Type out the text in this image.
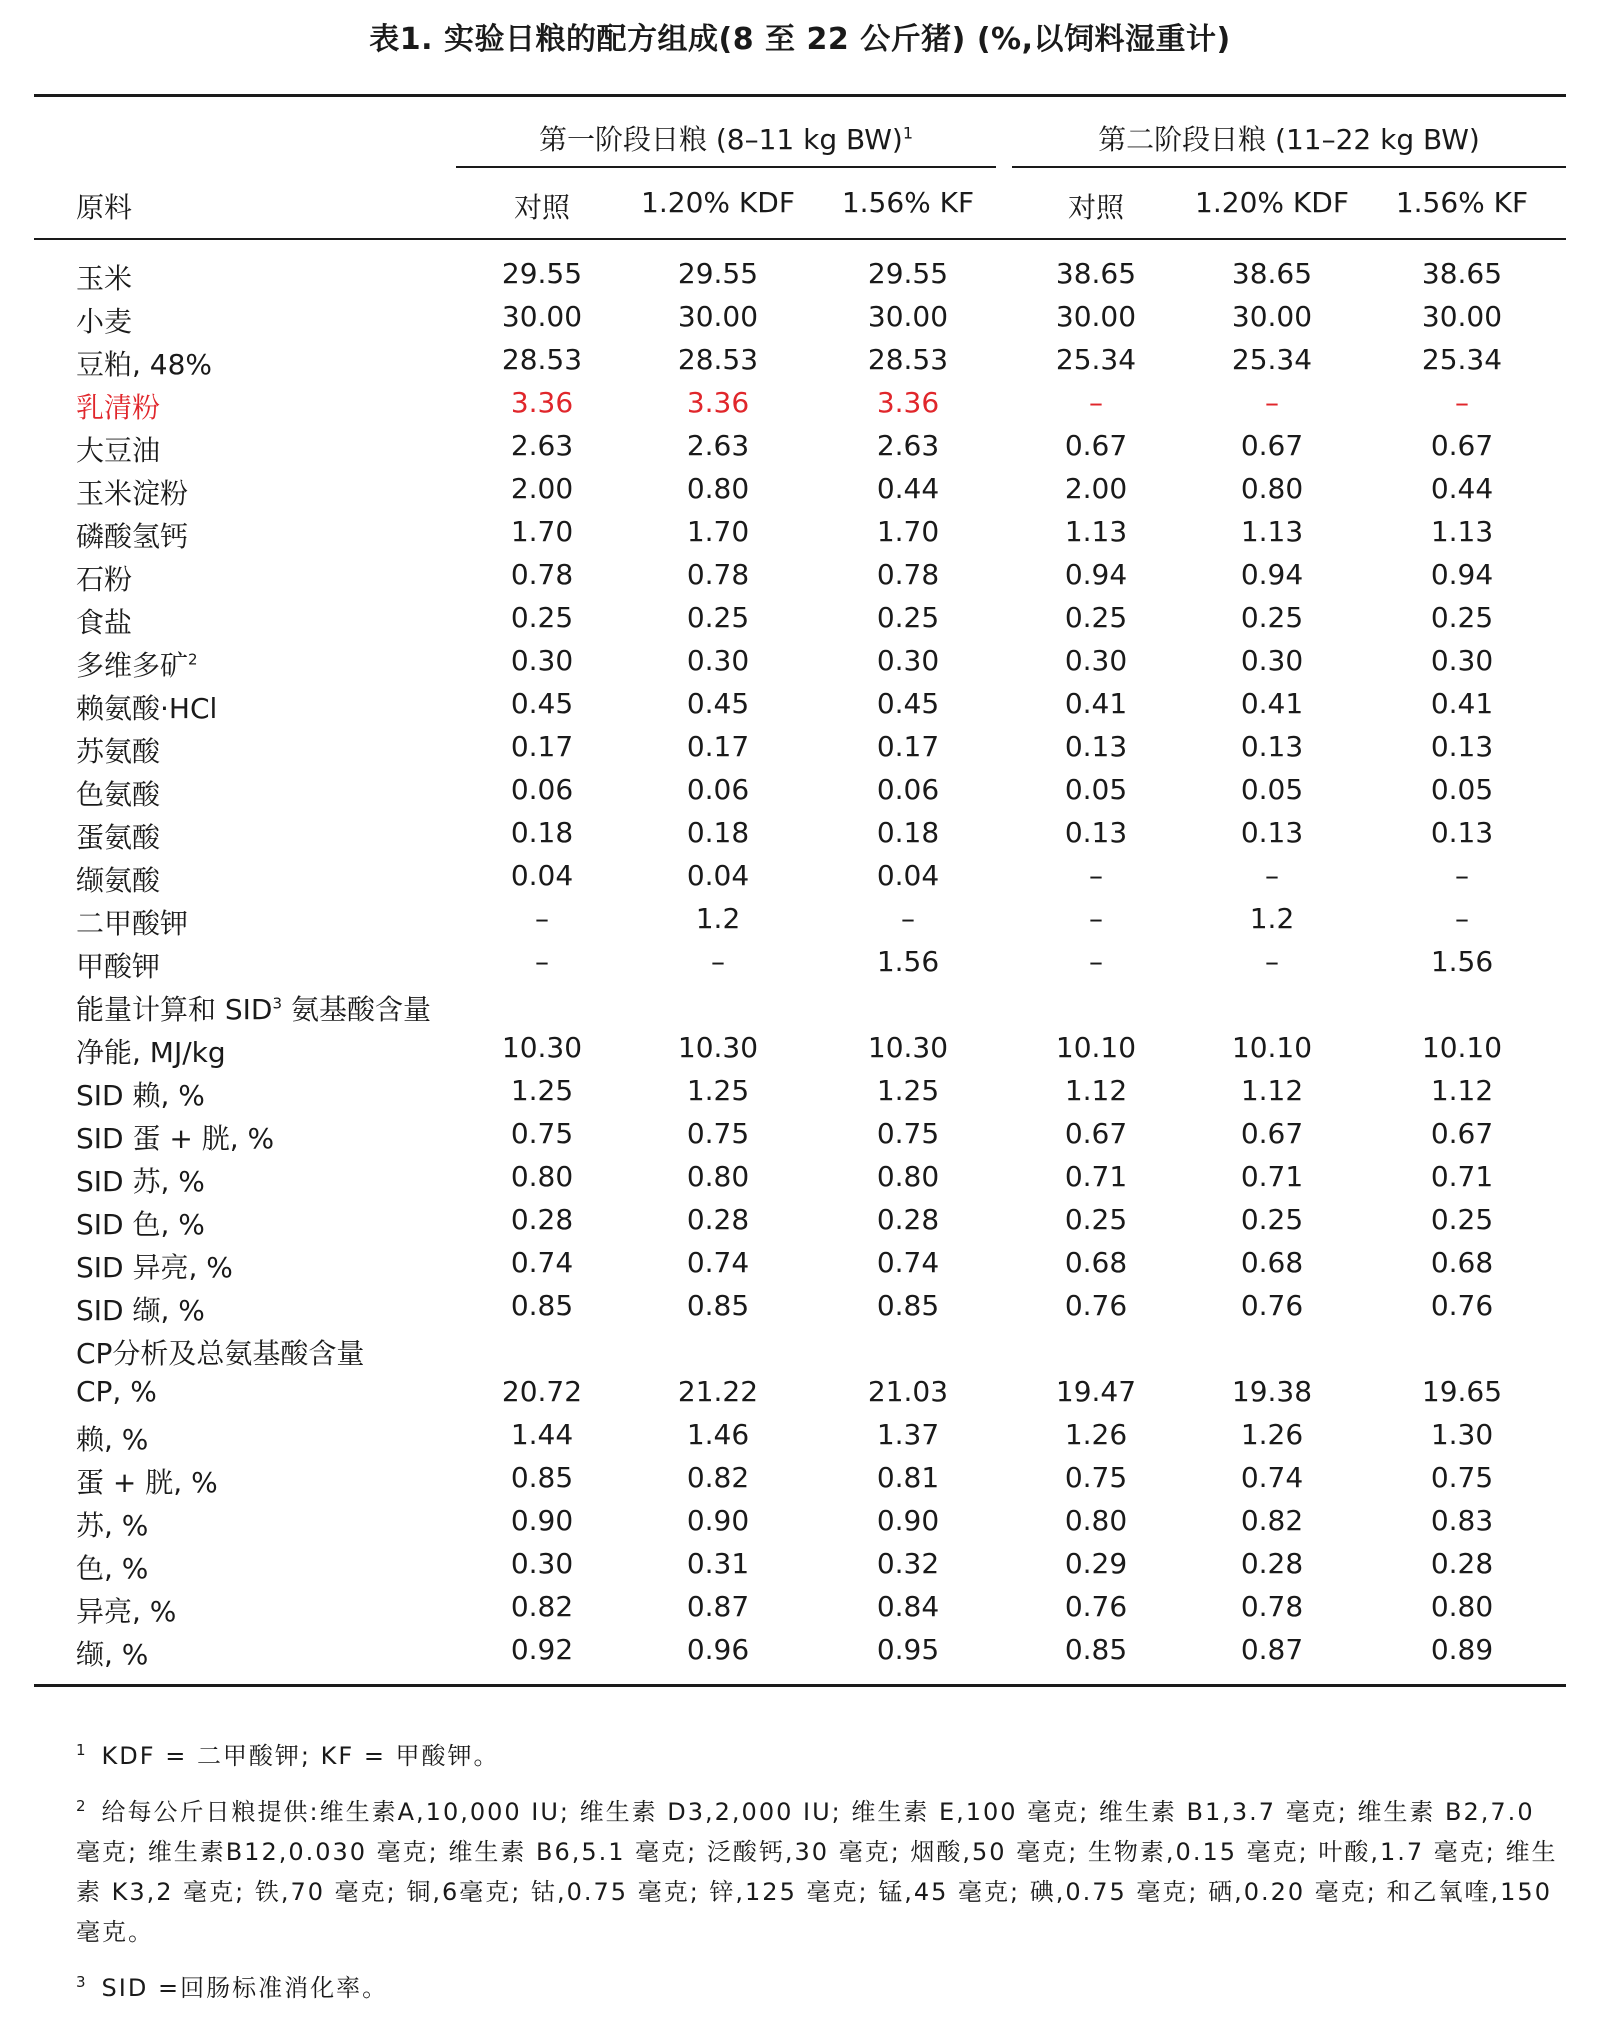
表1. 实验日粮的配方组成(8 至 22 公斤猪) (%,以饲料湿重计)
第一阶段日粮 (8–11 kg BW)$^1$	第二阶段日粮 (11–22 kg BW)
原料	对照	1.20% KDF	1.56% KF	对照	1.20% KDF	1.56% KF
玉米	29.55	29.55	29.55	38.65	38.65	38.65
小麦	30.00	30.00	30.00	30.00	30.00	30.00
豆粕, 48%	28.53	28.53	28.53	25.34	25.34	25.34
乳清粉	3.36	3.36	3.36	–	–	–
大豆油	2.63	2.63	2.63	0.67	0.67	0.67
玉米淀粉	2.00	0.80	0.44	2.00	0.80	0.44
磷酸氢钙	1.70	1.70	1.70	1.13	1.13	1.13
石粉	0.78	0.78	0.78	0.94	0.94	0.94
食盐	0.25	0.25	0.25	0.25	0.25	0.25
多维多矿$^2$	0.30	0.30	0.30	0.30	0.30	0.30
赖氨酸·HCl	0.45	0.45	0.45	0.41	0.41	0.41
苏氨酸	0.17	0.17	0.17	0.13	0.13	0.13
色氨酸	0.06	0.06	0.06	0.05	0.05	0.05
蛋氨酸	0.18	0.18	0.18	0.13	0.13	0.13
缬氨酸	0.04	0.04	0.04	–	–	–
二甲酸钾	–	1.2	–	–	1.2	–
甲酸钾	–	–	1.56	–	–	1.56
能量计算和 SID$^3$ 氨基酸含量
净能, MJ/kg	10.30	10.30	10.30	10.10	10.10	10.10
SID 赖, %	1.25	1.25	1.25	1.12	1.12	1.12
SID 蛋 + 胱, %	0.75	0.75	0.75	0.67	0.67	0.67
SID 苏, %	0.80	0.80	0.80	0.71	0.71	0.71
SID 色, %	0.28	0.28	0.28	0.25	0.25	0.25
SID 异亮, %	0.74	0.74	0.74	0.68	0.68	0.68
SID 缬, %	0.85	0.85	0.85	0.76	0.76	0.76
CP分析及总氨基酸含量
CP, %	20.72	21.22	21.03	19.47	19.38	19.65
赖, %	1.44	1.46	1.37	1.26	1.26	1.30
蛋 + 胱, %	0.85	0.82	0.81	0.75	0.74	0.75
苏, %	0.90	0.90	0.90	0.80	0.82	0.83
色, %	0.30	0.31	0.32	0.29	0.28	0.28
异亮, %	0.82	0.87	0.84	0.76	0.78	0.80
缬, %	0.92	0.96	0.95	0.85	0.87	0.89
$^1$ KDF = 二甲酸钾; KF = 甲酸钾。
$^2$ 给每公斤日粮提供:维生素A,10,000 IU; 维生素 D3,2,000 IU; 维生素 E,100 毫克; 维生素 B1,3.7 毫克; 维生素 B2,7.0 毫克; 维生素B12,0.030 毫克; 维生素 B6,5.1 毫克; 泛酸钙,30 毫克; 烟酸,50 毫克; 生物素,0.15 毫克; 叶酸,1.7 毫克; 维生素 K3,2 毫克; 铁,70 毫克; 铜,6毫克; 钴,0.75 毫克; 锌,125 毫克; 锰,45 毫克; 碘,0.75 毫克; 硒,0.20 毫克; 和乙氧喹,150 毫克。
$^3$ SID =回肠标准消化率。
